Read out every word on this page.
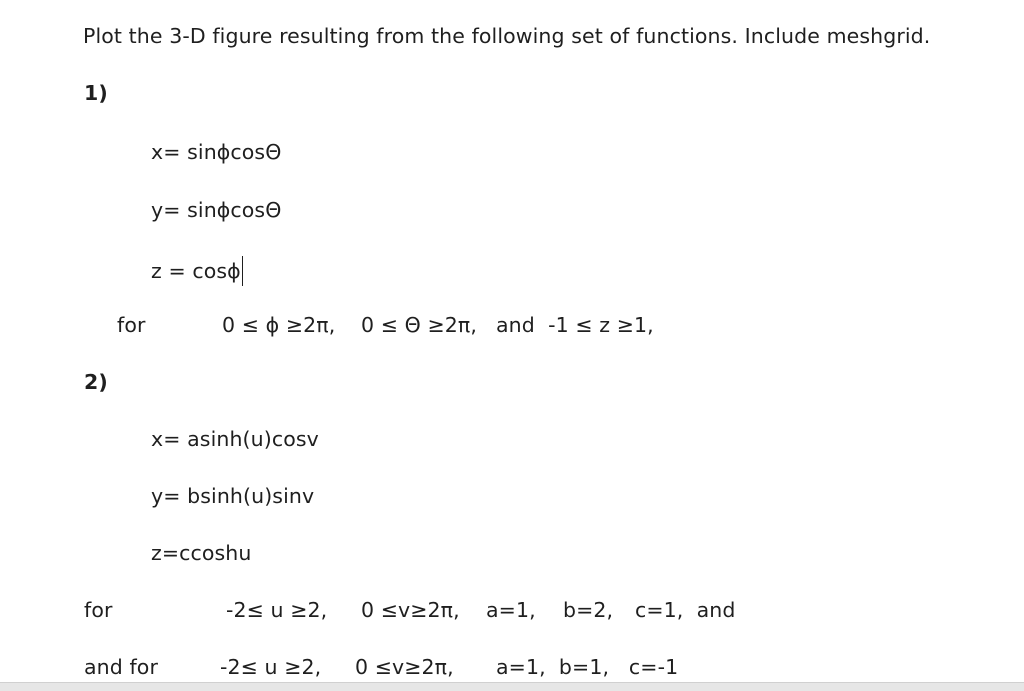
Plot the 3-D figure resulting from the following set of functions. Include meshgrid.
1)
x= sinϕcosΘ
y= sinϕcosΘ
z = cosϕ
for	0 ≤ ϕ ≥2π, 0 ≤ Θ ≥2π, and  -1 ≤ z ≥1,
2)
x= asinh(u)cosv
y= bsinh(u)sinv
z=ccoshu
for	-2≤ u ≥2, 0 ≤v≥2π, a=1, b=2, c=1,  and
and for	-2≤ u ≥2, 0 ≤v≥2π, a=1,  b=1,   c=-1
